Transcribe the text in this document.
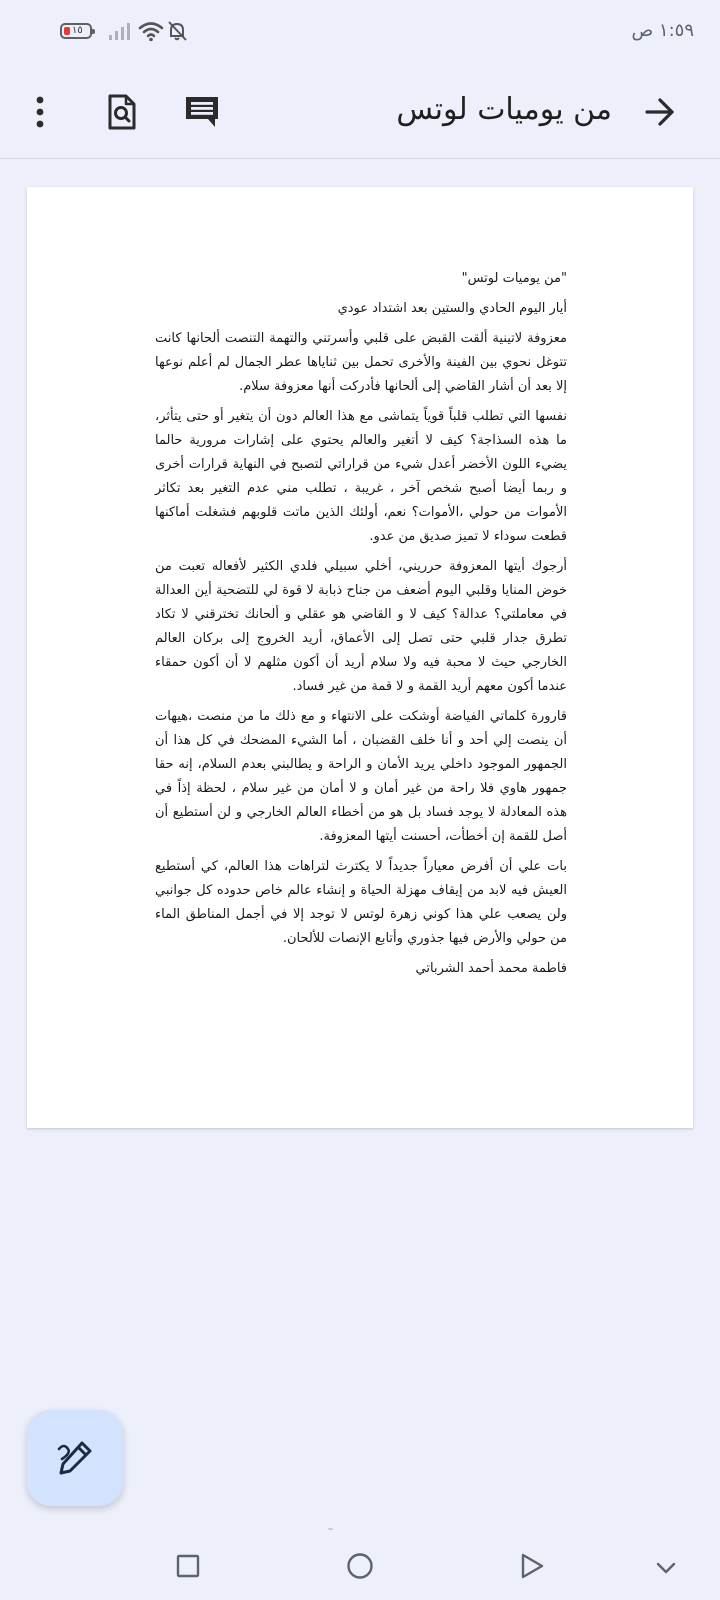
١٥	١:٥٩ ص
من يوميات لوتس

"من يوميات لوتس"

أيار اليوم الحادي والستين بعد اشتداد عودي

معزوفة لاتينية ألقت القبض على قلبي وأسرتني والتهمة التنصت ألحانها كانت تتوغل نحوي بين الفينة والأخرى تحمل بين ثناياها عطر الجمال لم أعلم نوعها إلا بعد أن أشار القاضي إلى ألحانها فأدركت أنها معزوفة سلام.

نفسها التي تطلب قلباً قوياً يتماشى مع هذا العالم دون أن يتغير أو حتى يتأثر، ما هذه السذاجة؟ كيف لا أتغير والعالم يحتوي على إشارات مرورية حالما يضيء اللون الأخضر أعدل شيء من قراراتي لتصبح في النهاية قرارات أخرى و ربما أيضا أصبح شخص آخر ، غريبة ، تطلب مني عدم التغير بعد تكاثر الأموات من حولي ،الأموات؟ نعم، أولئك الذين ماتت قلوبهم فشغلت أماكنها قطعت سوداء لا تميز صديق من عدو.

أرجوك أيتها المعزوفة حرريني، أخلي سبيلي فلدي الكثير لأفعاله تعبت من خوض المنايا وقلبي اليوم أضعف من جناح ذبابة لا قوة لي للتضحية أين العدالة في معاملتي؟ عدالة؟ كيف لا و القاضي هو عقلي و ألحانك تخترقني لا تكاد تطرق جدار قلبي حتى تصل إلى الأعماق، أريد الخروج إلى بركان العالم الخارجي حيث لا محبة فيه ولا سلام أريد أن أكون مثلهم لا أن أكون حمقاء عندما أكون معهم أريد القمة و لا قمة من غير فساد.

قارورة كلماتي الفياضة أوشكت على الانتهاء و مع ذلك ما من منصت ،هيهات أن ينصت إلي أحد و أنا خلف القضبان ، أما الشيء المضحك في كل هذا أن الجمهور الموجود داخلي يريد الأمان و الراحة و يطالبني بعدم السلام، إنه حقا جمهور هاوي فلا راحة من غير أمان و لا أمان من غير سلام ، لحظة إذاً في هذه المعادلة لا يوجد فساد بل هو من أخطاء العالم الخارجي و لن أستطيع أن أصل للقمة إن أخطأت، أحسنت أيتها المعزوفة.

بات علي أن أفرض معياراً جديداً لا يكترث لتراهات هذا العالم، كي أستطيع العيش فيه لابد من إيقاف مهزلة الحياة و إنشاء عالم خاص حدوده كل جوانبي ولن يصعب علي هذا كوني زهرة لوتس لا توجد إلا في أجمل المناطق الماء من حولي والأرض فيها جذوري وأتابع الإنصات للألحان.

فاطمة محمد أحمد الشرباتي
